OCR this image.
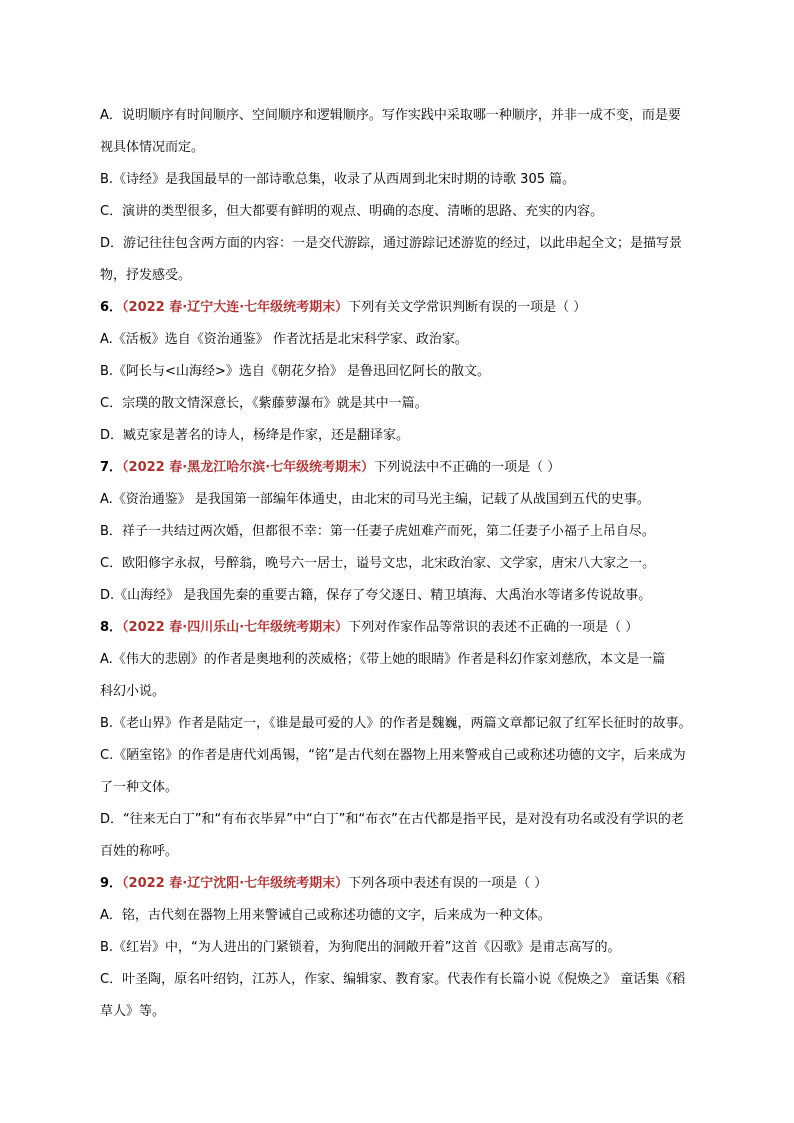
A．说明顺序有时间顺序、空间顺序和逻辑顺序。写作实践中采取哪一种顺序，并非一成不变，而是要
视具体情况而定。
B.《诗经》是我国最早的一部诗歌总集，收录了从西周到北宋时期的诗歌 305 篇。
C．演讲的类型很多，但大都要有鲜明的观点、明确的态度、清晰的思路、充实的内容。
D．游记往往包含两方面的内容：一是交代游踪，通过游踪记述游览的经过，以此串起全文；是描写景
物，抒发感受。
6．（2022 春·辽宁大连·七年级统考期末）下列有关文学常识判断有误的一项是（ ）
A.《活板》选自《资治通鉴》 作者沈括是北宋科学家、政治家。
B.《阿长与<山海经>》选自《朝花夕拾》 是鲁迅回忆阿长的散文。
C．宗璞的散文情深意长，《紫藤萝瀑布》就是其中一篇。
D．臧克家是著名的诗人，杨绛是作家，还是翻译家。
7．（2022 春·黑龙江哈尔滨·七年级统考期末）下列说法中不正确的一项是（ ）
A.《资治通鉴》 是我国第一部编年体通史，由北宋的司马光主编，记载了从战国到五代的史事。
B．祥子一共结过两次婚，但都很不幸：第一任妻子虎妞难产而死，第二任妻子小福子上吊自尽。
C．欧阳修字永叔，号醉翁，晚号六一居士，谥号文忠，北宋政治家、文学家，唐宋八大家之一。
D.《山海经》 是我国先秦的重要古籍，保存了夸父逐日、精卫填海、大禹治水等诸多传说故事。
8．（2022 春·四川乐山·七年级统考期末）下列对作家作品等常识的表述不正确的一项是（ ）
A.《伟大的悲剧》的作者是奥地利的茨威格；《带上她的眼睛》作者是科幻作家刘慈欣，本文是一篇
科幻小说。
B.《老山界》作者是陆定一，《谁是最可爱的人》的作者是魏巍，两篇文章都记叙了红军长征时的故事。
C.《陋室铭》的作者是唐代刘禹锡，“铭”是古代刻在器物上用来警戒自己或称述功德的文字，后来成为
了一种文体。
D．“往来无白丁”和“有布衣毕昇”中“白丁”和“布衣”在古代都是指平民，是对没有功名或没有学识的老
百姓的称呼。
9．（2022 春·辽宁沈阳·七年级统考期末）下列各项中表述有误的一项是（ ）
A．铭，古代刻在器物上用来警诫自己或称述功德的文字，后来成为一种文体。
B.《红岩》中，“为人进出的门紧锁着，为狗爬出的洞敞开着”这首《囚歌》是甫志高写的。
C．叶圣陶，原名叶绍钧，江苏人，作家、编辑家、教育家。代表作有长篇小说《倪焕之》 童话集《稻
草人》等。
